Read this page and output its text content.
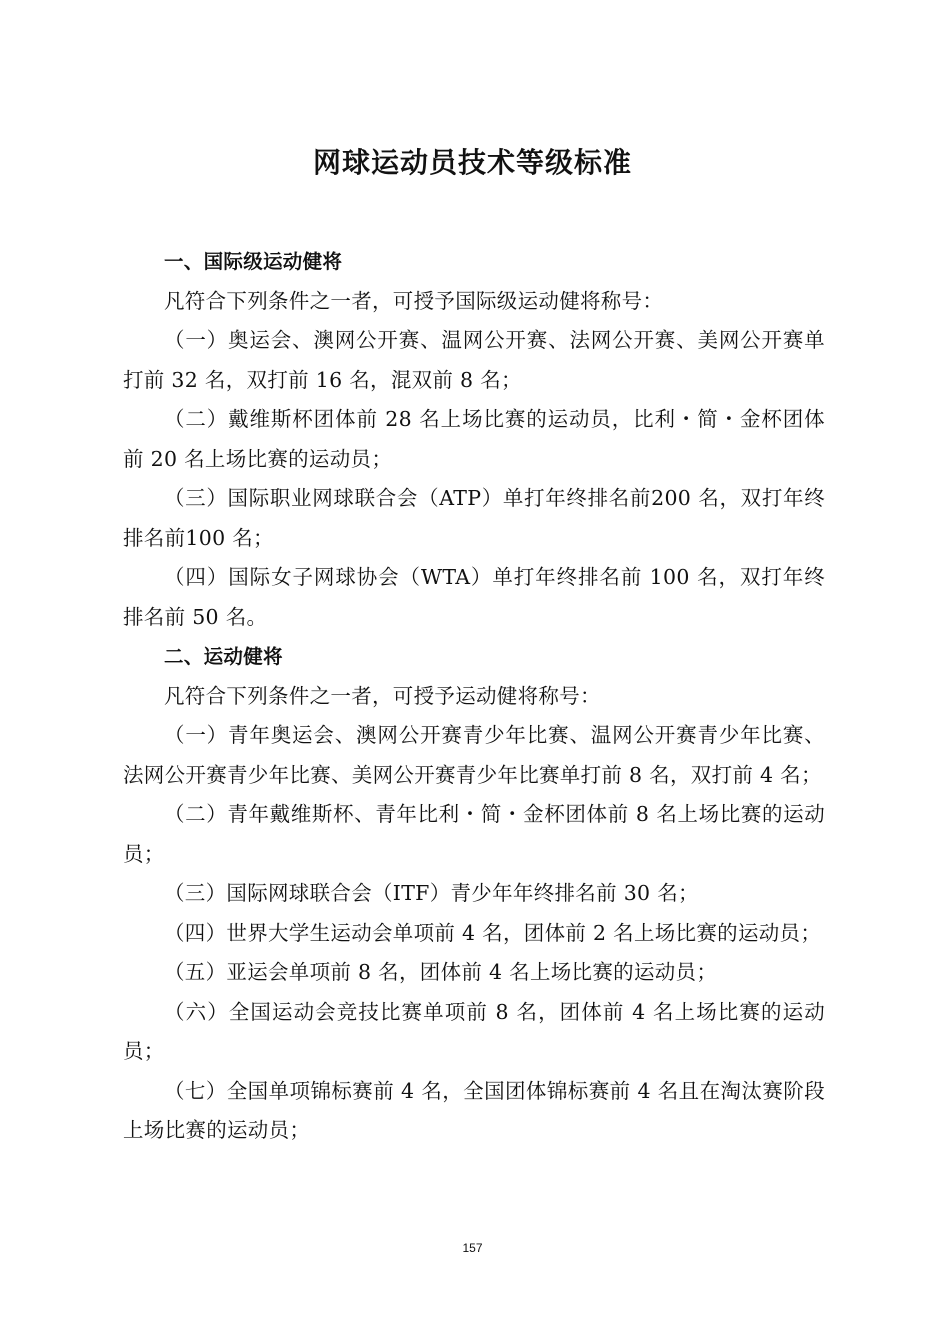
网球运动员技术等级标准

一、国际级运动健将

凡符合下列条件之一者，可授予国际级运动健将称号：

（一）奥运会、澳网公开赛、温网公开赛、法网公开赛、美网公开赛单打前 32 名，双打前 16 名，混双前 8 名；

（二）戴维斯杯团体前 28 名上场比赛的运动员，比利・简・金杯团体前 20 名上场比赛的运动员；

（三）国际职业网球联合会（ATP）单打年终排名前200 名，双打年终排名前100 名；

（四）国际女子网球协会（WTA）单打年终排名前 100 名，双打年终排名前 50 名。

二、运动健将

凡符合下列条件之一者，可授予运动健将称号：

（一）青年奥运会、澳网公开赛青少年比赛、温网公开赛青少年比赛、法网公开赛青少年比赛、美网公开赛青少年比赛单打前 8 名，双打前 4 名；

（二）青年戴维斯杯、青年比利・简・金杯团体前 8 名上场比赛的运动员；

（三）国际网球联合会（ITF）青少年年终排名前 30 名；

（四）世界大学生运动会单项前 4 名，团体前 2 名上场比赛的运动员；

（五）亚运会单项前 8 名，团体前 4 名上场比赛的运动员；

（六）全国运动会竞技比赛单项前 8 名，团体前 4 名上场比赛的运动员；

（七）全国单项锦标赛前 4 名，全国团体锦标赛前 4 名且在淘汰赛阶段上场比赛的运动员；

157
